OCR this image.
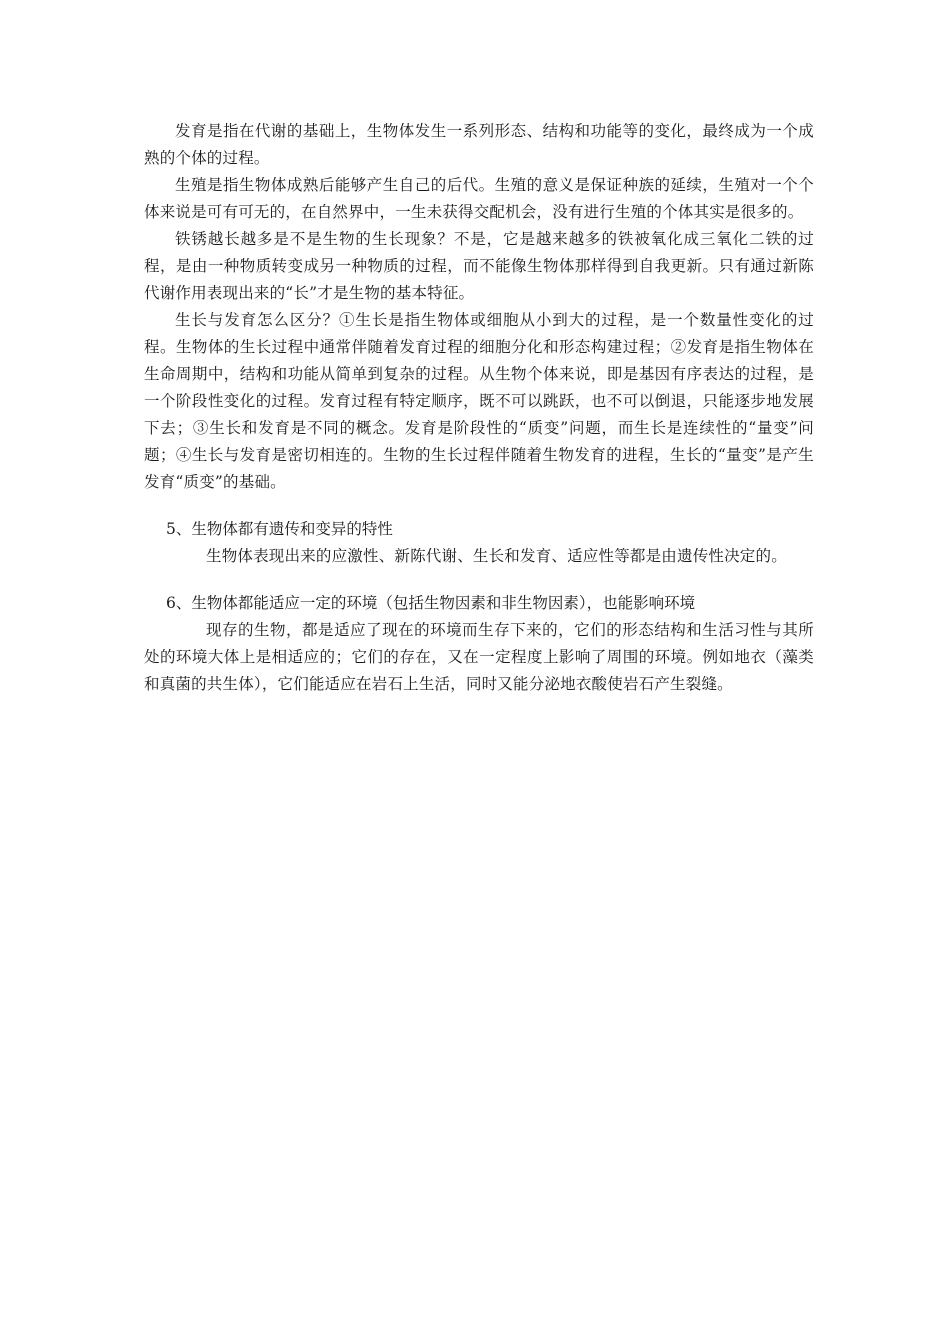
发育是指在代谢的基础上，生物体发生一系列形态、结构和功能等的变化，最终成为一个成熟的个体的过程。

生殖是指生物体成熟后能够产生自己的后代。生殖的意义是保证种族的延续，生殖对一个个体来说是可有可无的，在自然界中，一生未获得交配机会，没有进行生殖的个体其实是很多的。

铁锈越长越多是不是生物的生长现象？不是，它是越来越多的铁被氧化成三氧化二铁的过程，是由一种物质转变成另一种物质的过程，而不能像生物体那样得到自我更新。只有通过新陈代谢作用表现出来的“长”才是生物的基本特征。

生长与发育怎么区分？①生长是指生物体或细胞从小到大的过程，是一个数量性变化的过程。生物体的生长过程中通常伴随着发育过程的细胞分化和形态构建过程；②发育是指生物体在生命周期中，结构和功能从简单到复杂的过程。从生物个体来说，即是基因有序表达的过程，是一个阶段性变化的过程。发育过程有特定顺序，既不可以跳跃，也不可以倒退，只能逐步地发展下去；③生长和发育是不同的概念。发育是阶段性的“质变”问题，而生长是连续性的“量变”问题；④生长与发育是密切相连的。生物的生长过程伴随着生物发育的进程，生长的“量变”是产生发育“质变”的基础。

5、生物体都有遗传和变异的特性

生物体表现出来的应激性、新陈代谢、生长和发育、适应性等都是由遗传性决定的。

6、生物体都能适应一定的环境（包括生物因素和非生物因素），也能影响环境

现存的生物，都是适应了现在的环境而生存下来的，它们的形态结构和生活习性与其所处的环境大体上是相适应的；它们的存在，又在一定程度上影响了周围的环境。例如地衣（藻类和真菌的共生体），它们能适应在岩石上生活，同时又能分泌地衣酸使岩石产生裂缝。
